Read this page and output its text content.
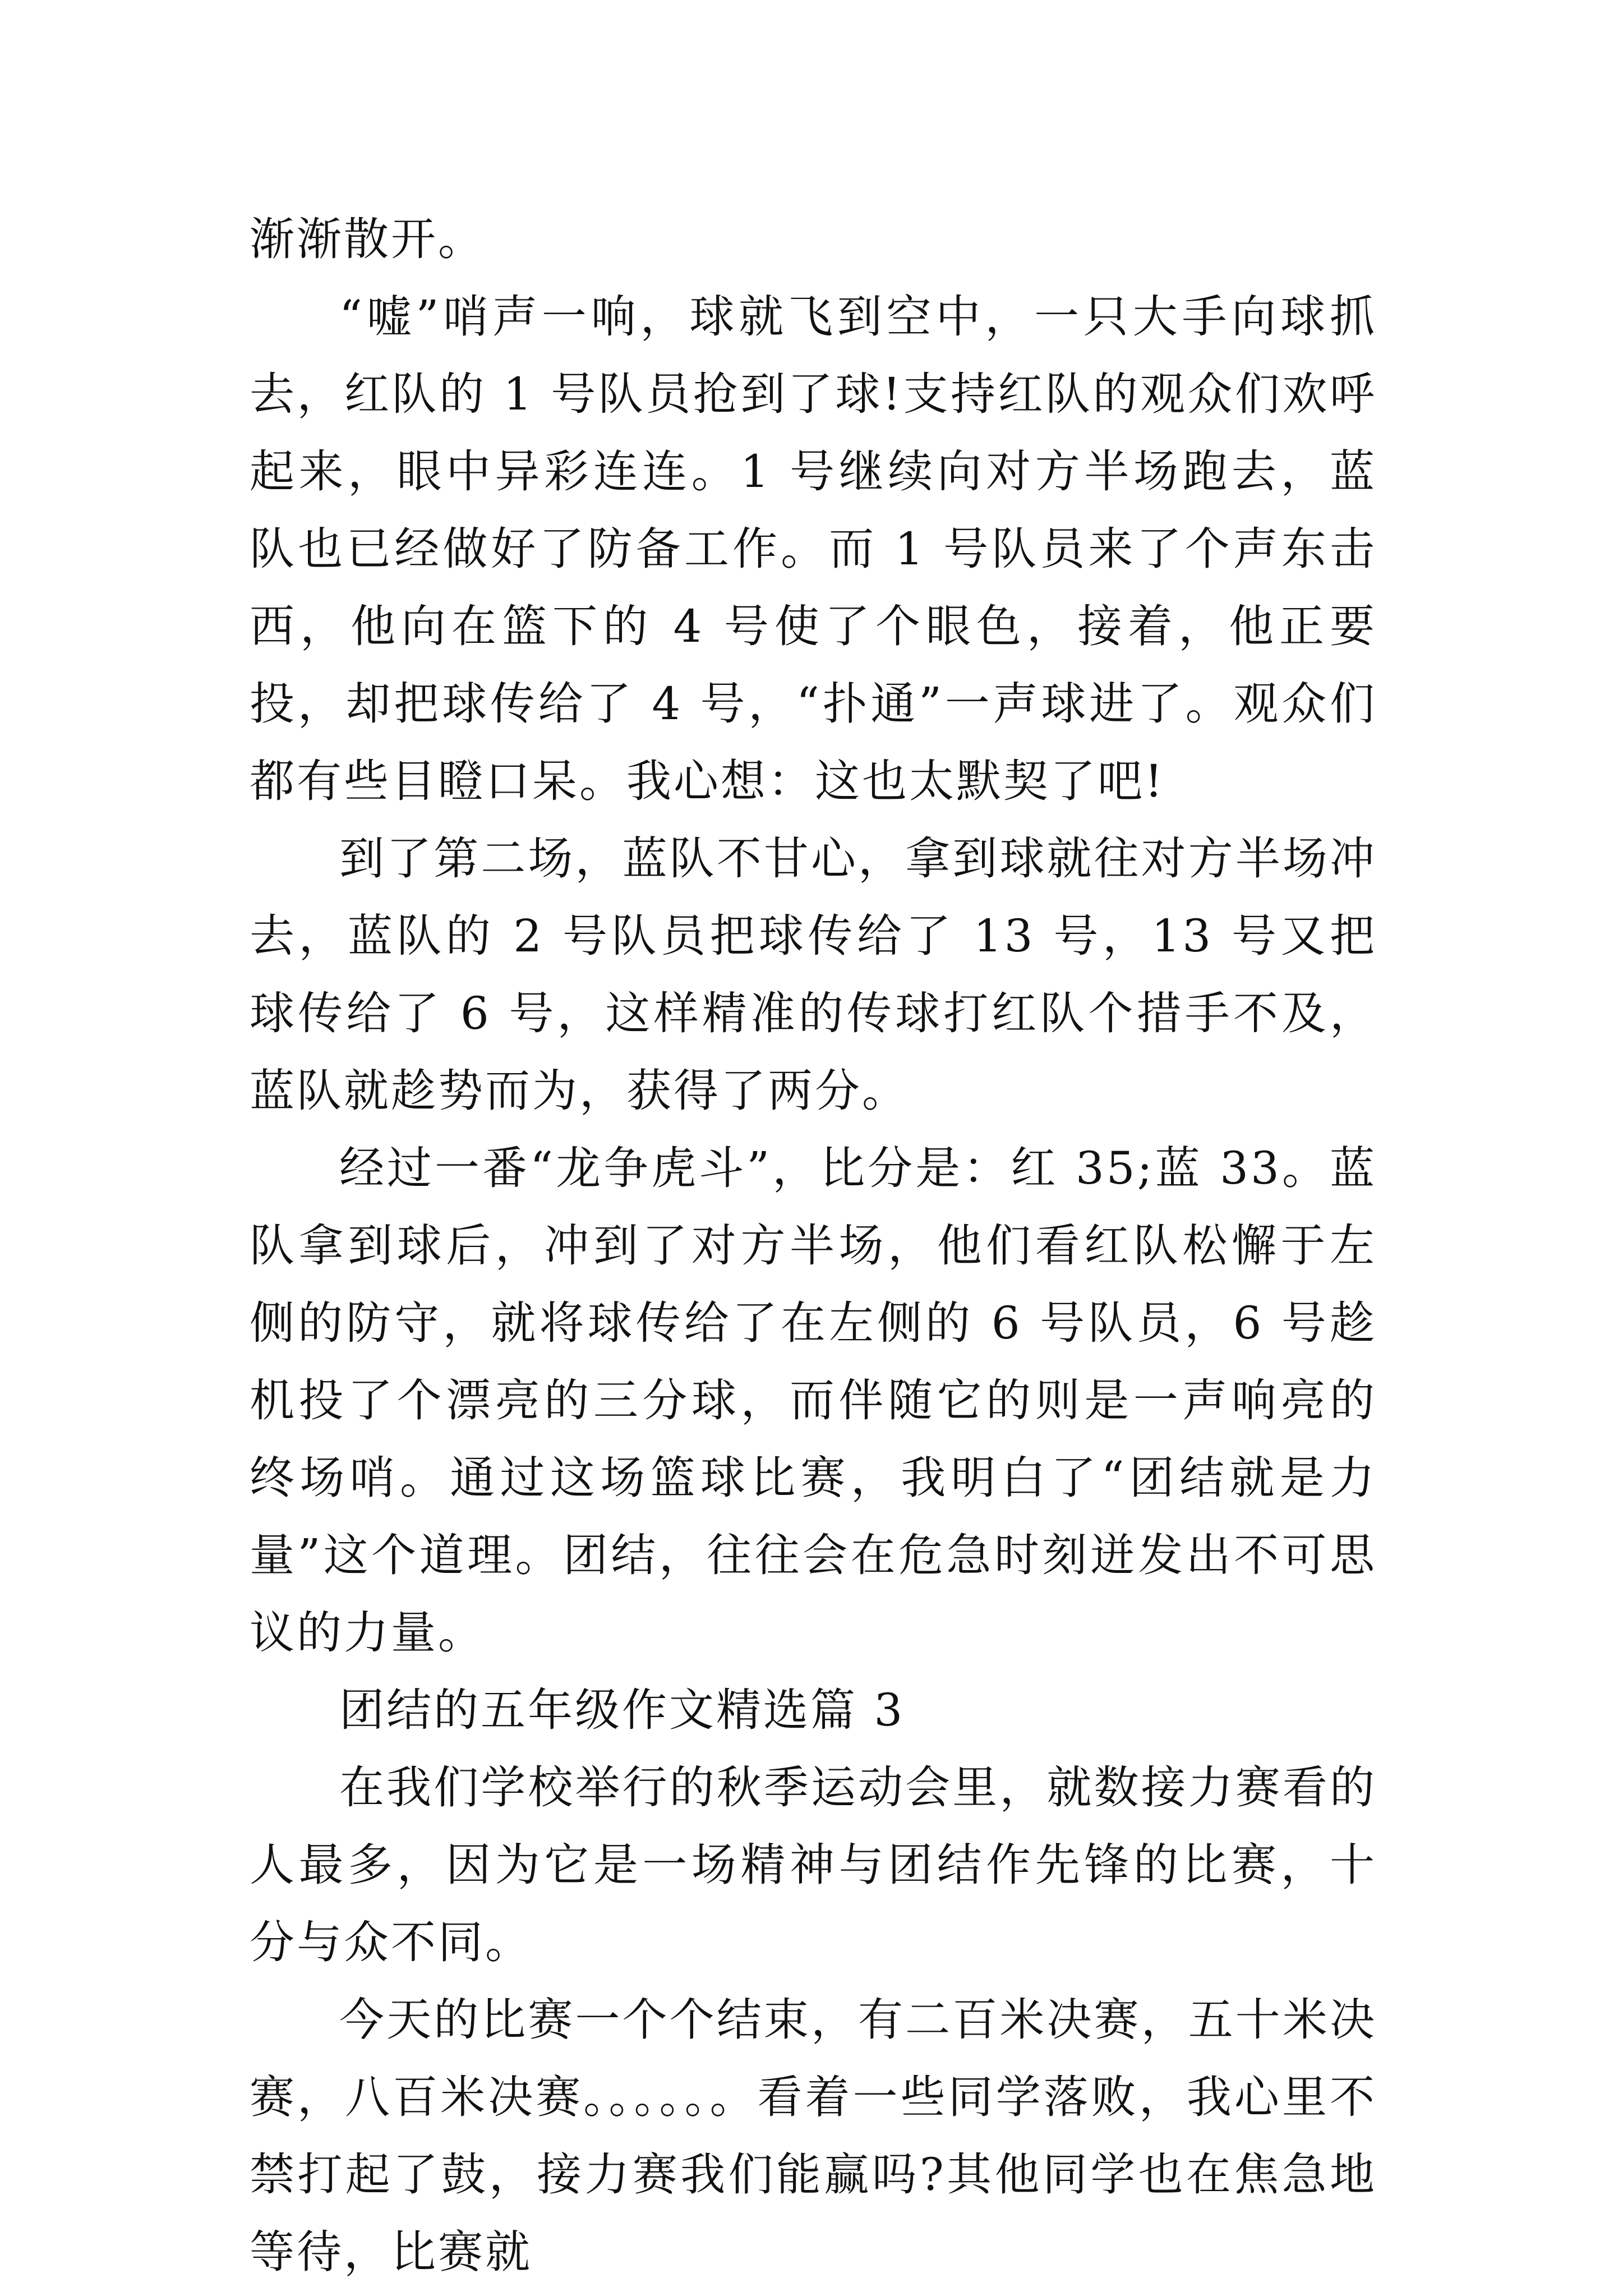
渐渐散开。

“嘘”哨声一响，球就飞到空中，一只大手向球抓去，红队的 1 号队员抢到了球!支持红队的观众们欢呼起来，眼中异彩连连。1 号继续向对方半场跑去，蓝队也已经做好了防备工作。而 1 号队员来了个声东击西，他向在篮下的 4 号使了个眼色，接着，他正要投，却把球传给了 4 号，“扑通”一声球进了。观众们都有些目瞪口呆。我心想：这也太默契了吧!

到了第二场，蓝队不甘心，拿到球就往对方半场冲去，蓝队的 2 号队员把球传给了 13 号，13 号又把球传给了 6 号，这样精准的传球打红队个措手不及，蓝队就趁势而为，获得了两分。

经过一番“龙争虎斗”，比分是：红 35;蓝 33。蓝队拿到球后，冲到了对方半场，他们看红队松懈于左侧的防守，就将球传给了在左侧的 6 号队员，6 号趁机投了个漂亮的三分球，而伴随它的则是一声响亮的终场哨。通过这场篮球比赛，我明白了“团结就是力量”这个道理。团结，往往会在危急时刻迸发出不可思议的力量。

团结的五年级作文精选篇 3

在我们学校举行的秋季运动会里，就数接力赛看的人最多，因为它是一场精神与团结作先锋的比赛，十分与众不同。

今天的比赛一个个结束，有二百米决赛，五十米决赛，八百米决赛。。。。。。看着一些同学落败，我心里不禁打起了鼓，接力赛我们能赢吗?其他同学也在焦急地等待，比赛就
